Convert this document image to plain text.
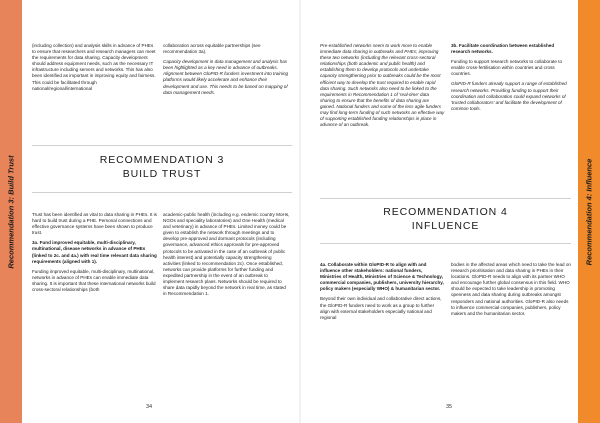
Recommendation 3: Build Trust

(including collection) and analysis skills in advance of PHEs to ensure that researchers and research managers can meet the requirements for data sharing. Capacity development should address equipment needs, such as the necessary IT infrastructure including servers and networks. This has also been identified as important in improving equity and fairness. This could be facilitated through national/regional/international

collaboration across equitable partnerships (see recommendation 3a).

Capacity development in data management and analysis has been highlighted as a key need in advance of outbreaks. Alignment between GloPID-R funders investment into training platforms would likely accelerate and enhance their development and use. This needs to be based on mapping of data management needs.

RECOMMENDATION 3
BUILD TRUST

Trust has been identified as vital to data sharing in PHEs. It is hard to build trust during a PHE. Personal connections and effective governance systems have been shown to produce trust.

3a. Fund improved equitable, multi-disciplinary, multinational, disease networks in advance of PHEs (linked to 2c. and 4a.) with real time relevant data sharing requirements (aligned with 1).

Funding improved equitable, multi-disciplinary, multinational, networks in advance of PHEs can enable immediate data sharing. It is important that these international networks build cross-sectoral relationships (both

academic-public health (including e.g. endemic country MoHs, NGOs and speciality laboratories) and One Health (medical and veterinary) in advance of PHEs. Limited money could be given to establish the network through meetings and to develop pre-approved and dormant protocols (including governance, advanced ethics approvals for pre-approved protocols to be activated in the case of an outbreak of public health interest) and potentially capacity strengthening activities (linked to recommendation 2c). Once established, networks can provide platforms for further funding and expedited partnership in the event of an outbreak to implement research plans. Networks should be required to share data rapidly beyond the network in real time, as stated in Recommendation 1.

34

Pre-established networks seem to work more to enable immediate data sharing in outbreaks and PHEs; improving these two networks (including the relevant cross-sectoral relationships (both academic and public health) and establishing them to develop protocols and undertake capacity strengthening prior to outbreaks could be the most efficient way to develop the trust required to enable rapid data sharing. Such networks also need to be linked to the requirements in Recommendation 1 of 'real-time' data sharing to ensure that the benefits of data sharing are gained. National funders and some of the less agile funders may find long-term funding of such networks an effective way of supporting established funding relationships in place in advance of an outbreak.

3b. Facilitate coordination between established research networks.

Funding to support research networks to collaborate to enable cross-fertilisation within countries and cross countries.

GloPID-R funders already support a range of established research networks. Providing funding to support their coordination and collaboration could expand networks of 'trusted collaborators' and facilitate the development of common tools.

RECOMMENDATION 4
INFLUENCE

4a. Collaborate within GloPID-R to align with and influence other stakeholders: national funders, Ministries of Health, Ministries of Science & Technology, commercial companies, publishers, university hierarchy, policy makers (especially WHO) & humanitarian sector.

Beyond their own individual and collaborative direct actions, the GloPID-R funders need to work as a group to further align with external stakeholders especially national and regional

bodies in the affected areas which need to take the lead on research prioritisation and data sharing in PHEs in their locations. GloPID-R needs to align with its partner WHO and encourage further global consensus in this field. WHO should be expected to take leadership in promoting openness and data sharing during outbreaks amongst responders and national authorities. GloPID-R also needs to influence commercial companies, publishers, policy makers and the humanitarian sector.

35
Recommendation 4: Influence
